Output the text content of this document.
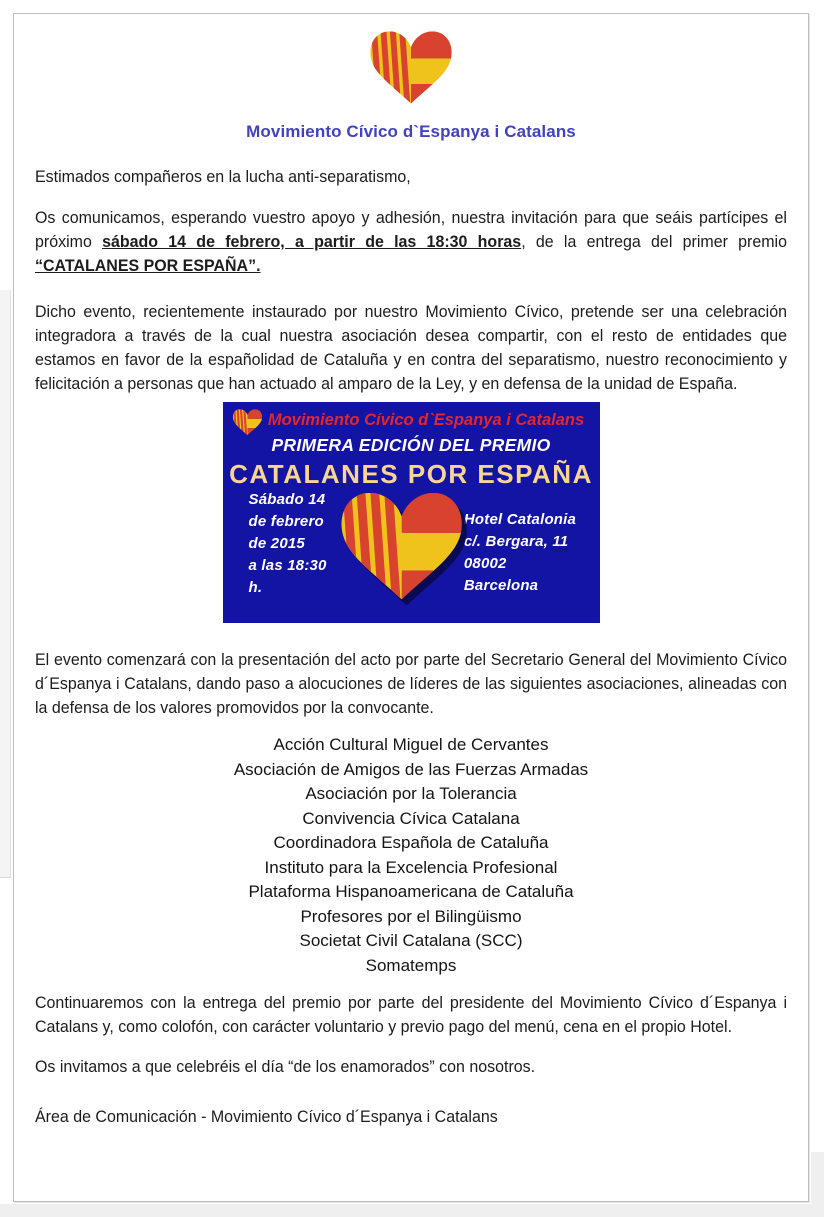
Movimiento Cívico d`Espanya i Catalans

Estimados compañeros en la lucha anti-separatismo,

Os comunicamos, esperando vuestro apoyo y adhesión, nuestra invitación para que seáis partícipes el próximo sábado 14 de febrero, a partir de las 18:30 horas, de la entrega del primer premio “CATALANES POR ESPAÑA”.

Dicho evento, recientemente instaurado por nuestro Movimiento Cívico, pretende ser una celebración integradora a través de la cual nuestra asociación desea compartir, con el resto de entidades que estamos en favor de la españolidad de Cataluña y en contra del separatismo, nuestro reconocimiento y felicitación a personas que han actuado al amparo de la Ley, y en defensa de la unidad de España.

Movimiento Cívico d`Espanya i Catalans
PRIMERA EDICIÓN DEL PREMIO
CATALANES POR ESPAÑA
Sábado 14
de febrero
de 2015
a las 18:30 h.
Hotel Catalonia
c/. Bergara, 11
08002 Barcelona

El evento comenzará con la presentación del acto por parte del Secretario General del Movimiento Cívico d´Espanya i Catalans, dando paso a alocuciones de líderes de las siguientes asociaciones, alineadas con la defensa de los valores promovidos por la convocante.

Acción Cultural Miguel de Cervantes
Asociación de Amigos de las Fuerzas Armadas
Asociación por la Tolerancia
Convivencia Cívica Catalana
Coordinadora Española de Cataluña
Instituto para la Excelencia Profesional
Plataforma Hispanoamericana de Cataluña
Profesores por el Bilingüismo
Societat Civil Catalana (SCC)
Somatemps

Continuaremos con la entrega del premio por parte del presidente del Movimiento Cívico d´Espanya i Catalans y, como colofón, con carácter voluntario y previo pago del menú, cena en el propio Hotel.

Os invitamos a que celebréis el día “de los enamorados” con nosotros.

Área de Comunicación - Movimiento Cívico d´Espanya i Catalans
